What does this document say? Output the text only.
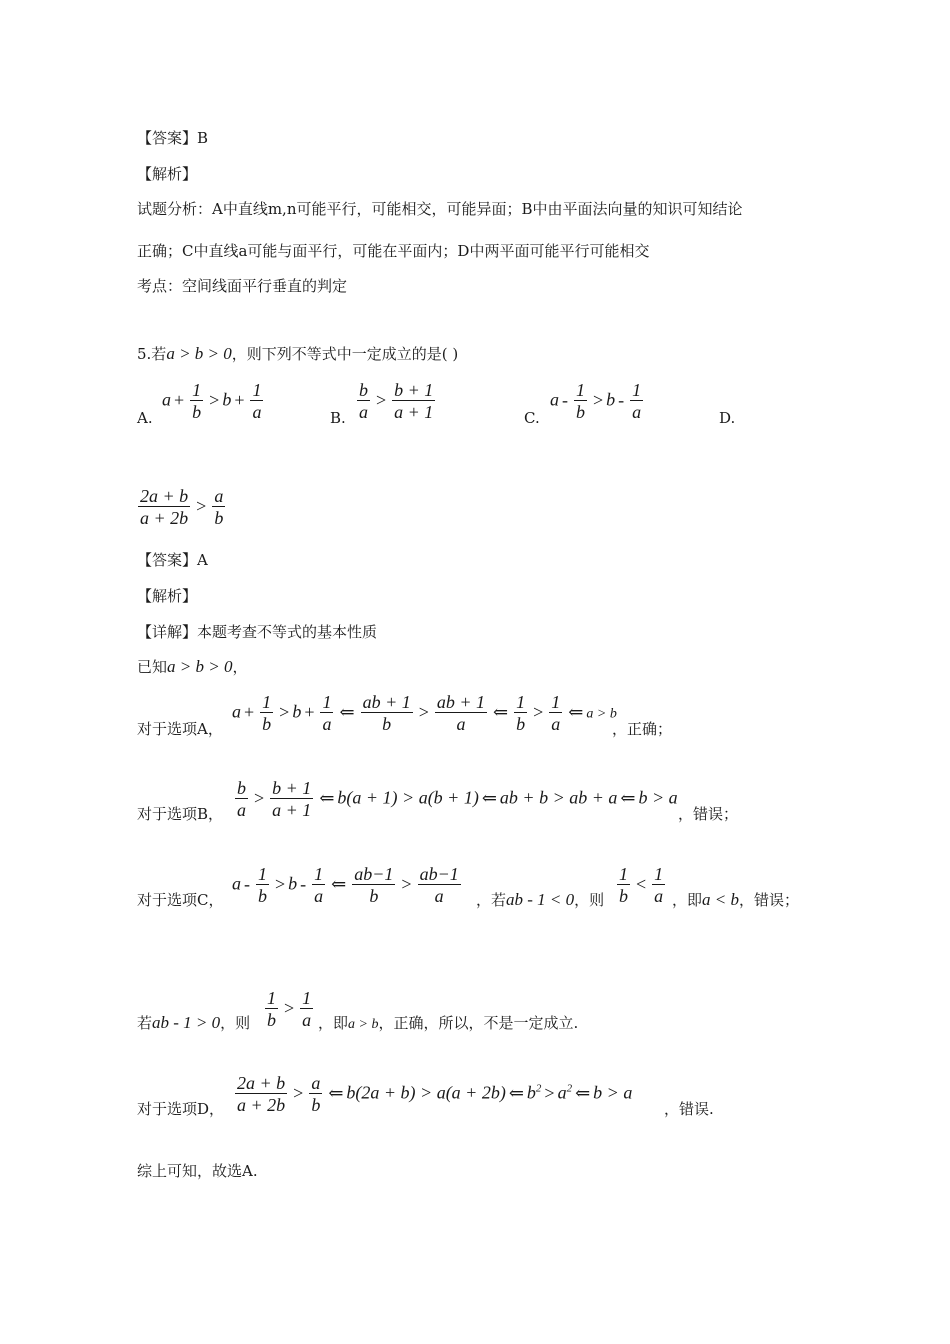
【答案】B
【解析】
试题分析：A中直线m,n可能平行，可能相交，可能异面；B中由平面法向量的知识可知结论
正确；C中直线a可能与面平行，可能在平面内；D中两平面可能平行可能相交
考点：空间线面平行垂直的判定
5.若a > b > 0，则下列不等式中一定成立的是( )
A.
$a + \frac{1}{b} > b + \frac{1}{a}$	B. $\frac{b}{a} > \frac{b + 1}{a + 1}$	C.
$a - \frac{1}{b} > b - \frac{1}{a}$	D.
$\frac{2a + b}{a + 2b} > \frac{a}{b}$
【答案】A
【解析】
【详解】本题考查不等式的基本性质
已知a > b > 0，
对于选项A，
$a + \frac{1}{b} > b + \frac{1}{a}$ ⇐ $\frac{ab + 1}{b} > \frac{ab + 1}{a}$ ⇐ $\frac{1}{b} > \frac{1}{a}$ ⇐ a > b
，正确；
对于选项B， $\frac{b}{a} > \frac{b + 1}{a + 1}$ ⇐ b(a + 1) > a(b + 1) ⇐ ab + b > ab + a ⇐ b > a
，错误；
对于选项C，
$a - \frac{1}{b} > b - \frac{1}{a}$ ⇐ $\frac{ab-1}{b} > \frac{ab-1}{a}$ ，若ab - 1 < 0，则 $\frac{1}{b} < \frac{1}{a}$ ，即a < b，错误；
若ab - 1 > 0，则 $\frac{1}{b} > \frac{1}{a}$ ，即a > b，正确，所以，不是一定成立.
对于选项D， $\frac{2a + b}{a + 2b} > \frac{a}{b}$ ⇐ b(2a + b) > a(a + 2b) ⇐ $b^2 > a^2$ ⇐ b > a
，错误.
综上可知，故选A.
